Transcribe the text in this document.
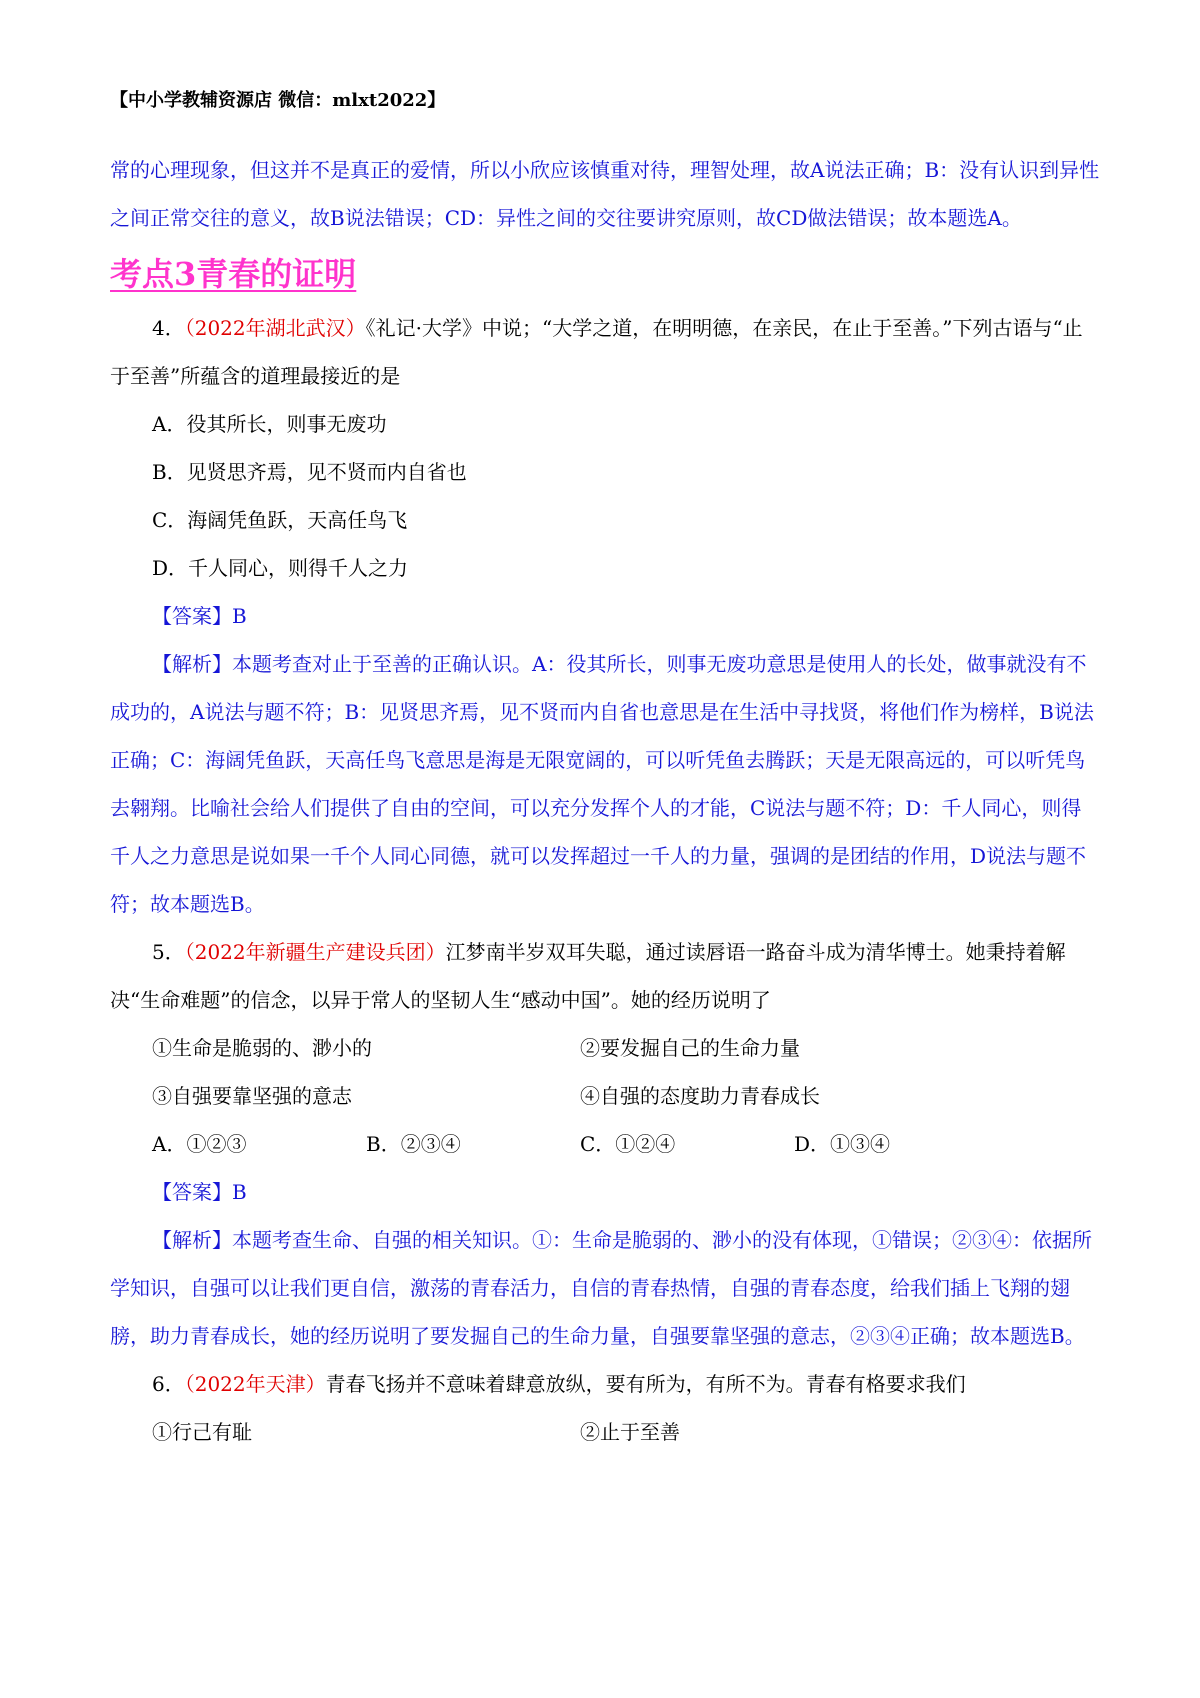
【中小学教辅资源店 微信：mlxt2022】

常的心理现象，但这并不是真正的爱情，所以小欣应该慎重对待，理智处理，故A说法正确；B：没有认识到异性之间正常交往的意义，故B说法错误；CD：异性之间的交往要讲究原则，故CD做法错误；故本题选A。

考点3青春的证明

4．（2022年湖北武汉）《礼记·大学》中说；“大学之道，在明明德，在亲民，在止于至善。”下列古语与“止于至善”所蕴含的道理最接近的是

A．役其所长，则事无废功

B．见贤思齐焉，见不贤而内自省也

C．海阔凭鱼跃，天高任鸟飞

D．千人同心，则得千人之力

【答案】B

【解析】本题考查对止于至善的正确认识。A：役其所长，则事无废功意思是使用人的长处，做事就没有不成功的，A说法与题不符；B：见贤思齐焉，见不贤而内自省也意思是在生活中寻找贤，将他们作为榜样，B说法正确；C：海阔凭鱼跃，天高任鸟飞意思是海是无限宽阔的，可以听凭鱼去腾跃；天是无限高远的，可以听凭鸟去翱翔。比喻社会给人们提供了自由的空间，可以充分发挥个人的才能，C说法与题不符；D：千人同心，则得千人之力意思是说如果一千个人同心同德，就可以发挥超过一千人的力量，强调的是团结的作用，D说法与题不符；故本题选B。

5．（2022年新疆生产建设兵团）江梦南半岁双耳失聪，通过读唇语一路奋斗成为清华博士。她秉持着解决“生命难题”的信念，以异于常人的坚韧人生“感动中国”。她的经历说明了

①生命是脆弱的、渺小的	②要发掘自己的生命力量
③自强要靠坚强的意志	④自强的态度助力青春成长
A．①②③	B．②③④	C．①②④	D．①③④

【答案】B

【解析】本题考查生命、自强的相关知识。①：生命是脆弱的、渺小的没有体现，①错误；②③④：依据所学知识，自强可以让我们更自信，激荡的青春活力，自信的青春热情，自强的青春态度，给我们插上飞翔的翅膀，助力青春成长，她的经历说明了要发掘自己的生命力量，自强要靠坚强的意志，②③④正确；故本题选B。

6．（2022年天津）青春飞扬并不意味着肆意放纵，要有所为，有所不为。青春有格要求我们

①行己有耻	②止于至善
